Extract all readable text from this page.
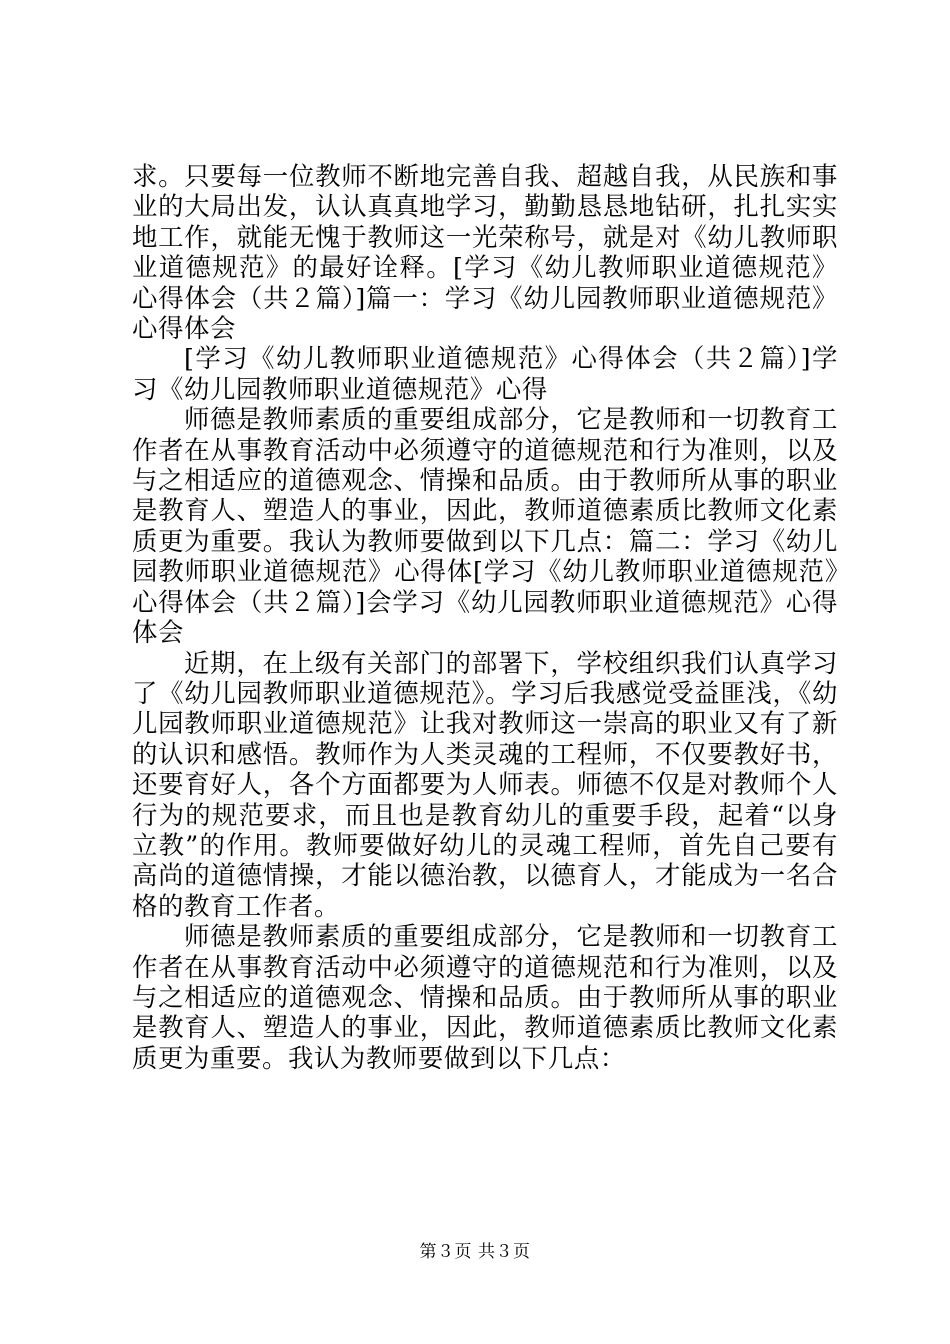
求。只要每一位教师不断地完善自我、超越自我，从民族和事业的大局出发，认认真真地学习，勤勤恳恳地钻研，扎扎实实地工作，就能无愧于教师这一光荣称号，就是对《幼儿教师职业道德规范》的最好诠释。[学习《幼儿教师职业道德规范》心得体会（共２篇）]篇一：学习《幼儿园教师职业道德规范》心得体会

[学习《幼儿教师职业道德规范》心得体会（共２篇）]学习《幼儿园教师职业道德规范》心得

师德是教师素质的重要组成部分，它是教师和一切教育工作者在从事教育活动中必须遵守的道德规范和行为准则，以及与之相适应的道德观念、情操和品质。由于教师所从事的职业是教育人、塑造人的事业，因此，教师道德素质比教师文化素质更为重要。我认为教师要做到以下几点：篇二：学习《幼儿园教师职业道德规范》心得体[学习《幼儿教师职业道德规范》心得体会（共２篇）]会学习《幼儿园教师职业道德规范》心得体会

近期，在上级有关部门的部署下，学校组织我们认真学习了《幼儿园教师职业道德规范》。学习后我感觉受益匪浅，《幼儿园教师职业道德规范》让我对教师这一崇高的职业又有了新的认识和感悟。教师作为人类灵魂的工程师，不仅要教好书，还要育好人，各个方面都要为人师表。师德不仅是对教师个人行为的规范要求，而且也是教育幼儿的重要手段，起着“以身立教”的作用。教师要做好幼儿的灵魂工程师，首先自己要有高尚的道德情操，才能以德治教，以德育人，才能成为一名合格的教育工作者。

师德是教师素质的重要组成部分，它是教师和一切教育工作者在从事教育活动中必须遵守的道德规范和行为准则，以及与之相适应的道德观念、情操和品质。由于教师所从事的职业是教育人、塑造人的事业，因此，教师道德素质比教师文化素质更为重要。我认为教师要做到以下几点：

第３页 共３页
